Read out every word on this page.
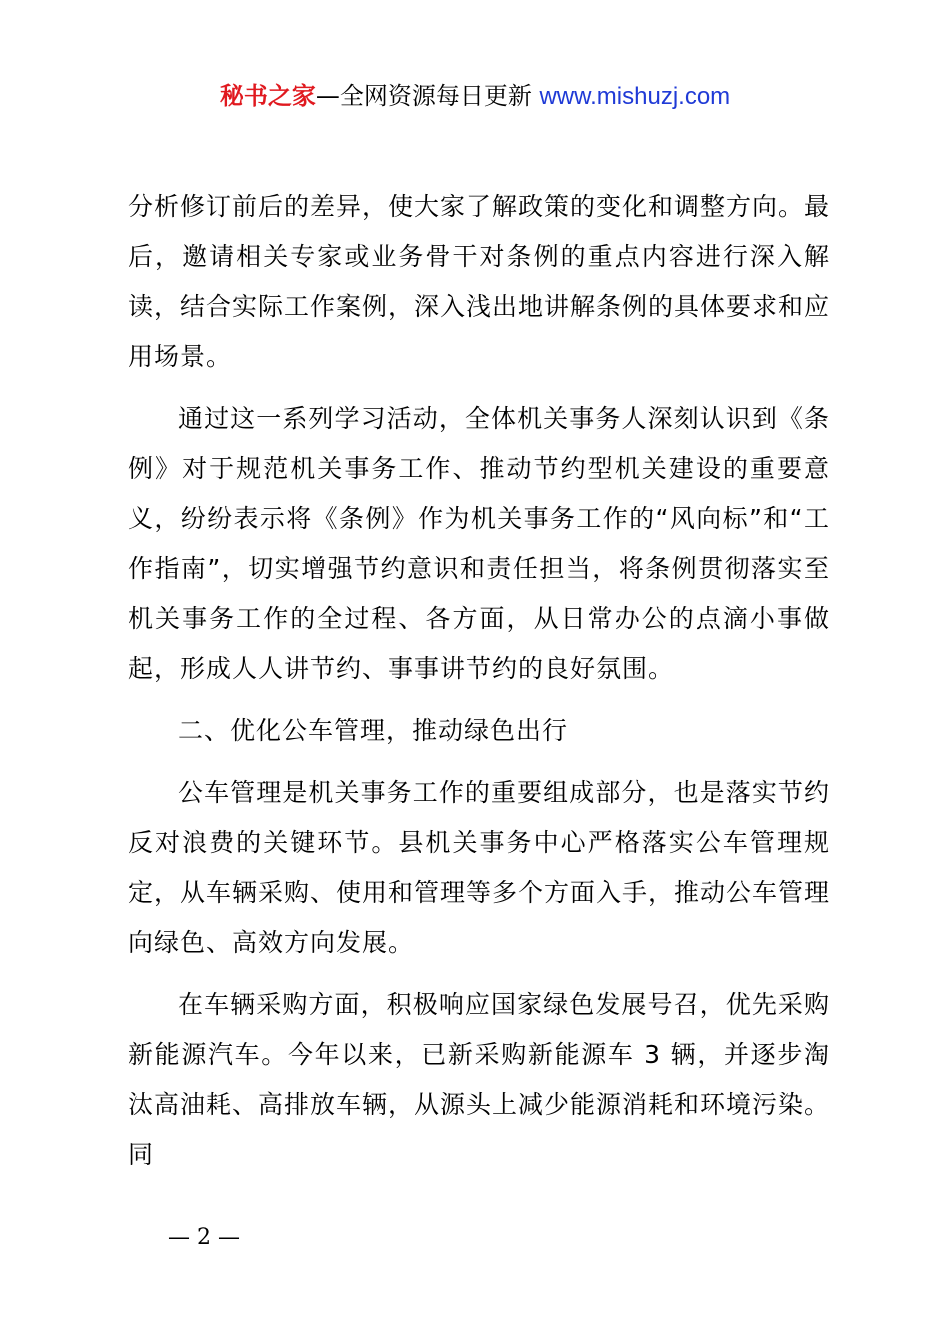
秘书之家—全网资源每日更新 www.mishuzj.com

分析修订前后的差异，使大家了解政策的变化和调整方向。最后，邀请相关专家或业务骨干对条例的重点内容进行深入解读，结合实际工作案例，深入浅出地讲解条例的具体要求和应用场景。

通过这一系列学习活动，全体机关事务人深刻认识到《条例》对于规范机关事务工作、推动节约型机关建设的重要意义，纷纷表示将《条例》作为机关事务工作的“风向标”和“工作指南”，切实增强节约意识和责任担当，将条例贯彻落实至机关事务工作的全过程、各方面，从日常办公的点滴小事做起，形成人人讲节约、事事讲节约的良好氛围。

二、优化公车管理，推动绿色出行

公车管理是机关事务工作的重要组成部分，也是落实节约反对浪费的关键环节。县机关事务中心严格落实公车管理规定，从车辆采购、使用和管理等多个方面入手，推动公车管理向绿色、高效方向发展。

在车辆采购方面，积极响应国家绿色发展号召，优先采购新能源汽车。今年以来，已新采购新能源车 3 辆，并逐步淘汰高油耗、高排放车辆，从源头上减少能源消耗和环境污染。同

— 2 —
